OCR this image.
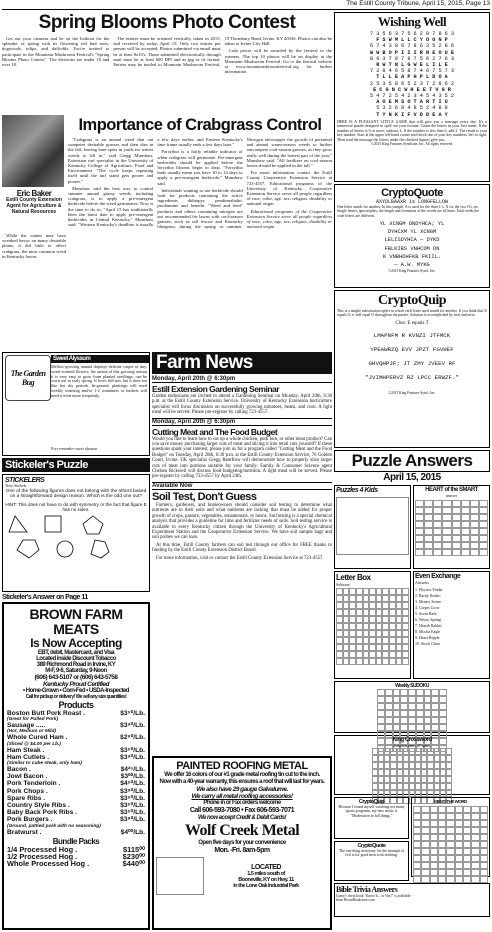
The Estill County Tribune, April 15, 2015, Page 13
Spring Blooms Photo Contest

Get out your cameras and be on the lookout for the splendor of spring with its flowering red bud trees, dogwoods, tulips, and daffodils. You're invited to participate in the Mountain Mushroom Festival's "Spring Blooms Photo Contest". The divisions are under 18 and over 18.

The entries must be oriented vertically, taken in 2015, and received by today, April 15. Only two entries per person will be accepted. Photos submitted via email must be at least 8x10's. Those submitted electronically through mail must be at least 600 DPI and as jpg or tif format. Entries may be mailed to Mountain Mushroom Festival, 19 Thornbury Bend, Irvine, KY 40336. Photos can also be taken to Irvine City Hall.

Cash prizes will be awarded by the festival to the winners. The top 10 photos will be on display at the Mountain Mushroom Festival. Go to the festival website at www.mountmushroomfestival.org for further information.

Wishing Well
7 3 5 6 3 7 5 6 2 8 7 8 6 3
F S W M L L C Y O O N P
6 7 4 3 8 6 7 8 6 3 5 2 8 6
W W B O P I I I R N E O U E
8 6 3 7 8 7 8 7 5 6 2 7 6 3
R W T N L G W E L I L E
7 2 8 4 6 5 8 7 4 6 7 5 7 3
T L L E A P H P L D O A
2 5 3 5 8 6 5 2 3 7 2 8 6 2
E C G N C W H E E T V G R
5 4 7 2 5 4 2 3 4 5 4 3 5 2
A O E M S O T A R T I U
5 3 2 6 8 4 8 5 2 4 8 8
T Y N K I F V D D E A Y
HERE IS A PLEASANT LITTLE GAME that will give you a message every day. It's a numerical puzzle designed to spell out your fortune. Count the letters in your first name. If the number of letters is 6 or more, subtract 4. If the number is less than 6, add 3. The result is your key number. Start at the upper left-hand corner and check one of your key numbers, left to right. Then read the message the letters under the checked figures give you.
©2015 King Features Syndicate, Inc. All rights reserved.
Eric Baker
Estill County Extension Agent for Agriculture & Natural Resources
Importance of Crabgrass Control

While the winter may have wreaked havoc on many desirable plants, it did little to affect crabgrass, the most common weed in Kentucky lawns.

"Crabgrass is an annual weed that out competes desirable grasses and then dies in the fall, leaving bare spots in yards for winter weeds to fill in," said Gregg Munshaw, Extension turf specialist in the University of Kentucky College of Agriculture, Food and Environment. "The cycle keeps repeating itself until the turf stand gets poorer and poorer."

Munshaw said the best way to control summer annual grassy weeds, including crabgrass, is to apply a pre-emergent herbicide before the weed germinates. Now is the time to do so. "April 15 has traditionally been the latest date to apply pre-emergent herbicides in Central Kentucky," Munshaw said. "Western Kentucky's deadline is usually a few days earlier, and Eastern Kentucky's time frame usually ends a few days later."

Forsythia is a fairly reliable indicator of when crabgrass will germinate. Pre-emergent herbicides should be applied before the forsythia blooms begin to drop. "Forsythia buds usually mean you have 10 to 14 days to apply a pre-emergent herbicide," Munshaw said.

Individuals wanting to use herbicide should look for products containing the active ingredients dithiopyr, pendimethalin, prodiamine and benefin. "Weed and feed" products and others containing nitrogen are not recommended for lawns with cool-season grasses, such as tall fescue and Kentucky bluegrass, during the spring or summer. Nitrogen encourages the growth of perennial and annual warm-season weeds to further outcompete cool-season grasses, as they grow really well during the hottest part of the year," Munshaw said. "All fertilizer on cool-season lawns should be applied in the fall."

For more information contact the Estill County Cooperative Extension Service at 723-4557. Educational programs of the University of Kentucky Cooperative Extension Service serve all people regardless of race, color, age, sex, religion, disability or national origin.

Educational programs of the Cooperative Extension Service serve all people regardless of race, color, age, sex, religion, disability or national origin.

CryptoQuote
AXYDLBAAXR is LONGFELLOW
One letter stands for another. In this sample, A is used for the three L's, X for the two O's, etc. Single letters, apostrophes, the length and formation of the words are all hints. Each week the code letters are different.
YL XCNGM ONDYHCA; YL
DYHCXM YL XCNGM
LELISDYHCA — DYKD
FBLKIBS VNHCDM DN
K VNBHDHFKB FKIIL.
— A.W. MYKG
©2015 King Features Synd., Inc.
CryptoQuip
This is a simple substitution cipher in which each letter used stands for another. If you think that X equals O, it will equal O throughout the puzzle. Solution is accomplished by trial and error.
Clue: E equals T
LMAPNFM R KVNZI JTFMCK
YPEAWRZQ EVV JPZT FGVHEF
GHVQHPJF; JT ZMY JVEEV RF
"JVIMHPERVZ RZ LPCC ERWZF."
©2015 King Features Synd., Inc.
The Garden Bug
Sweet Alyssum
Mellow-growing annual displays delicate carpet of tiny, sweet-scented flowers; the aroma of this growing season it is very easy to grow from planted seedlings; can be sown out in early spring. It loves full sun, but it does not like hot dry periods. In-ground, plantings will need weekly watering and/or 1-2 containers or baskets will need it even more frequently.
Ever remember sweet alyssum
Farm News
Monday, April 20th @ 6:30pm
Estill Extension Gardening Seminar
Garden enthusiasts are invited to attend a Gardening Seminar on Monday, April 20th, 6:30 p.m. at the Estill County Extension Service. University of Kentucky Extension horticulture specialist will focus discussion on successfully growing tomatoes, beans, and corn. A light meal will be served. Please pre-register by calling 723-4557.
Monday, April 20th @ 6:30pm
Cutting Meat and The Food Budget
Would you like to learn how to cut up a whole chicken, pork loin, or other meat product? Can you save money purchasing larger cuts of meat and slicing it into retail cuts yourself? If these questions spark your interest, please join us for a program called "Cutting Meat and the Food Budget" on Tuesday, April 28th, 6:30 p.m. at the Estill County Extension Service, 76 Golden Court, Irvine. UK specialist Gregg Rentfrow will demonstrate how to properly slice larger cuts of meat into portions suitable for your family. Family & Consumer Science agent Chelsea Rickwell will discuss food budgeting/nutrition. A light meal will be served. Please pre-register by calling 723-4557 by April 24th.
Available Now
Soil Test, Don't Guess

Farmers, gardeners, and homeowners should consider soil testing to determine what nutrients are in their soils and what nutrients are lacking that must be added for proper growth of crops, pasture, vegetables, ornamentals, or lawns. Soil testing is a special chemical analysis that provides a guideline for lime and fertilizer needs of soils. Soil testing service is available to every Kentucky citizen through the University of Kentucky's Agricultural Experiment Station and the Cooperative Extension Service. We have soil sample bags and soil probes we can loan.

At this time, Estill County farmers can soil test through our office for FREE thanks to funding by the Estill County Extension District Board.

For more information, visit or contact the Estill County Extension Service at 723-4557.

Stickeler's Puzzle
STICKELERS
Terry Stickels
One of the following figures does not belong with the others based on a straightforward design reason. Which is the odd one out?
HINT: This does not have to do with symmetry or the fact that figure E has no sides.
Stickeler's Answer on Page 11
BROWN FARM MEATS
Is Now Accepting
EBT, debit, Mastercard, and Visa
Located inside Discount Tobacco
389 Richmond Road in Irvine, KY
M-F, 9-6, Saturday, 9-Noon
(606) 643-5107 or (606) 643-5758
Kentucky Proud Certified
• Home-Grown • Corn-Fed • USDA-Inspected
Call for pickup or delivery! We sell any size quantities!
Products
Boston Butt Pork Roast .	$3⁵⁰/Lb.
(Great for Pulled Pork)
Sausage .....	$3⁹⁰/Lb.
(Hot, Medium or Mild)
Whole Cured Ham .	$2⁹⁰/Lb.
(Sliced @ $4.00 per Lb.)
Ham Steak .	$3⁵⁰/Lb.
Ham Cutlets .	$3⁹⁰/Lb.
(Similar to cube steak, only ham)
Bacon .	$4²⁵/Lb.
Jowl Bacon .	$3⁰⁰/Lb.
Pork Tenderloin .	$4⁵⁰/Lb.
Pork Chops .	$3⁹⁰/Lb.
Spare Ribs .	$3⁵⁰/Lb.
Country Style Ribs .	$3⁵⁰/Lb.
Baby Back Pork Ribs .	$3⁵⁰/Lb.
Pork Burgers .	$3⁹⁰/Lb.
(Ground, pattied pork with no seasoning)
Bratwurst .	$4⁰⁰/Lb.
Bundle Packs
1/4 Processed Hog .	$115⁰⁰
1/2 Processed Hog .	$230⁰⁰
Whole Processed Hog .	$440⁰⁰
Puzzle Answers
April 15, 2015
Puzzles 4 Kids	HEART of the SMART
answer

Letter Box
Solution

Even Exchange
Answers
1. Physics Tinder
2. Rarity Rodeo
3. Money Scene
4. Carpet Crow
5. Scent Rain
6. Weary Spring
7. Hearth Rabbit
8. Mocha Eagle
9. Heart Ripple
10. Stock Clam
Weekly SUDOKU

King Crossword
Solution time: 27 mins.

CryptoQuip
Because I found myself watching too many sports programs, my new motto is "Moderation in fall things."
CryptoQuote
The one thing necessary for the triumph of evil is for good men to do nothing.
MEN'S THE WORD

Bible Trivia Answers
Casey's trivia book "Know It... or Not!" is available from BoomBookstore.com
PAINTED ROOFING METAL
We offer 16 colors of our #1 grade metal roofing tin cut to the inch.
Now with a 40-year warranty, this ensures a roof that will last for years.
We also have 29 gauge Galvalume.
We carry all metal roofing accessories!
Phone in or Fax orders welcome
Call 606-593-7080 • Fax 606-593-7071
We now accept Credit & Debit Cards!
Wolf Creek Metal
Open five days for your convenience
Mon. -Fri. 8am-5pm
LOCATED
1.5 miles south of
Booneville, KY on Hwy. 11
in the Lone Oak Industrial Park
